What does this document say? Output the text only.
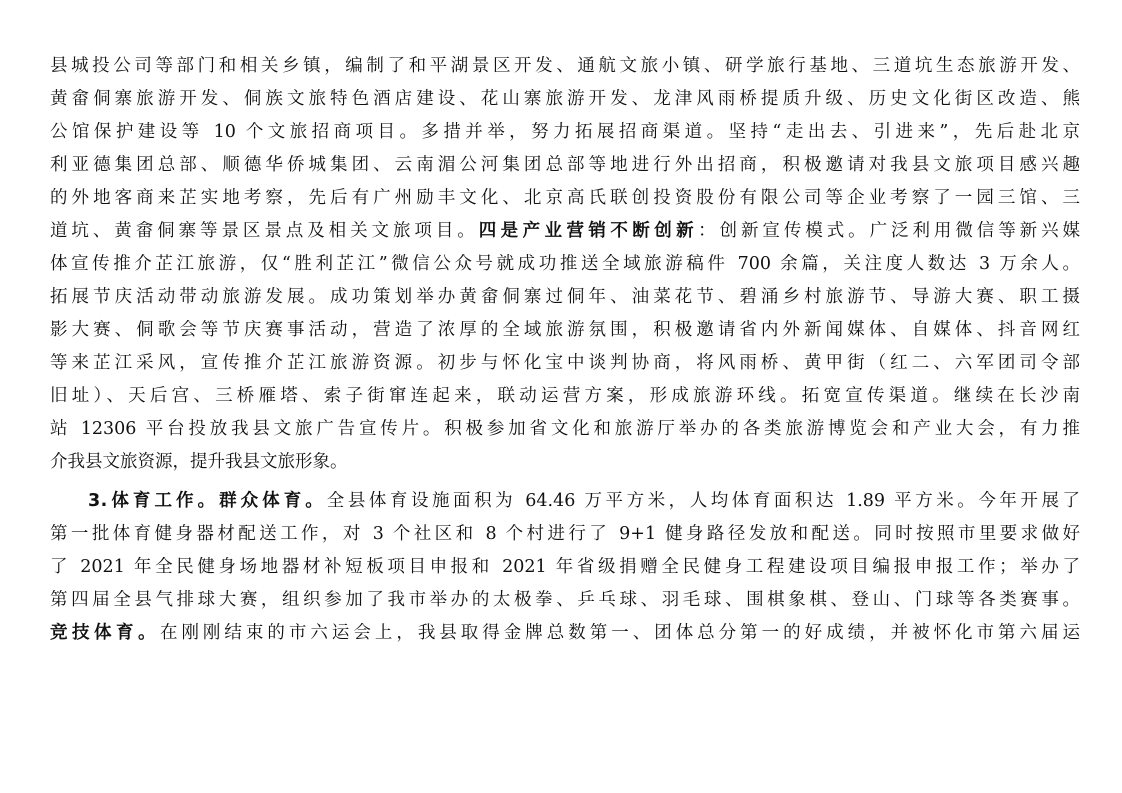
县城投公司等部门和相关乡镇，编制了和平湖景区开发、通航文旅小镇、研学旅行基地、三道坑生态旅游开发、
黄畲侗寨旅游开发、侗族文旅特色酒店建设、花山寨旅游开发、龙津风雨桥提质升级、历史文化街区改造、熊
公馆保护建设等 10 个文旅招商项目。多措并举，努力拓展招商渠道。坚持“走出去、引进来”，先后赴北京
利亚德集团总部、顺德华侨城集团、云南湄公河集团总部等地进行外出招商，积极邀请对我县文旅项目感兴趣
的外地客商来芷实地考察，先后有广州励丰文化、北京高氏联创投资股份有限公司等企业考察了一园三馆、三
道坑、黄畲侗寨等景区景点及相关文旅项目。四是产业营销不断创新：创新宣传模式。广泛利用微信等新兴媒
体宣传推介芷江旅游，仅“胜利芷江”微信公众号就成功推送全域旅游稿件 700 余篇，关注度人数达 3 万余人。
拓展节庆活动带动旅游发展。成功策划举办黄畲侗寨过侗年、油菜花节、碧涌乡村旅游节、导游大赛、职工摄
影大赛、侗歌会等节庆赛事活动，营造了浓厚的全域旅游氛围，积极邀请省内外新闻媒体、自媒体、抖音网红
等来芷江采风，宣传推介芷江旅游资源。初步与怀化宝中谈判协商，将风雨桥、黄甲街（红二、六军团司令部
旧址）、天后宫、三桥雁塔、索子街窜连起来，联动运营方案，形成旅游环线。拓宽宣传渠道。继续在长沙南
站 12306 平台投放我县文旅广告宣传片。积极参加省文化和旅游厅举办的各类旅游博览会和产业大会，有力推
介我县文旅资源，提升我县文旅形象。
3.体育工作。群众体育。全县体育设施面积为 64.46 万平方米，人均体育面积达 1.89 平方米。今年开展了
第一批体育健身器材配送工作，对 3 个社区和 8 个村进行了 9+1 健身路径发放和配送。同时按照市里要求做好
了 2021 年全民健身场地器材补短板项目申报和 2021 年省级捐赠全民健身工程建设项目编报申报工作；举办了
第四届全县气排球大赛，组织参加了我市举办的太极拳、乒乓球、羽毛球、围棋象棋、登山、门球等各类赛事。
竞技体育。在刚刚结束的市六运会上，我县取得金牌总数第一、团体总分第一的好成绩，并被怀化市第六届运
